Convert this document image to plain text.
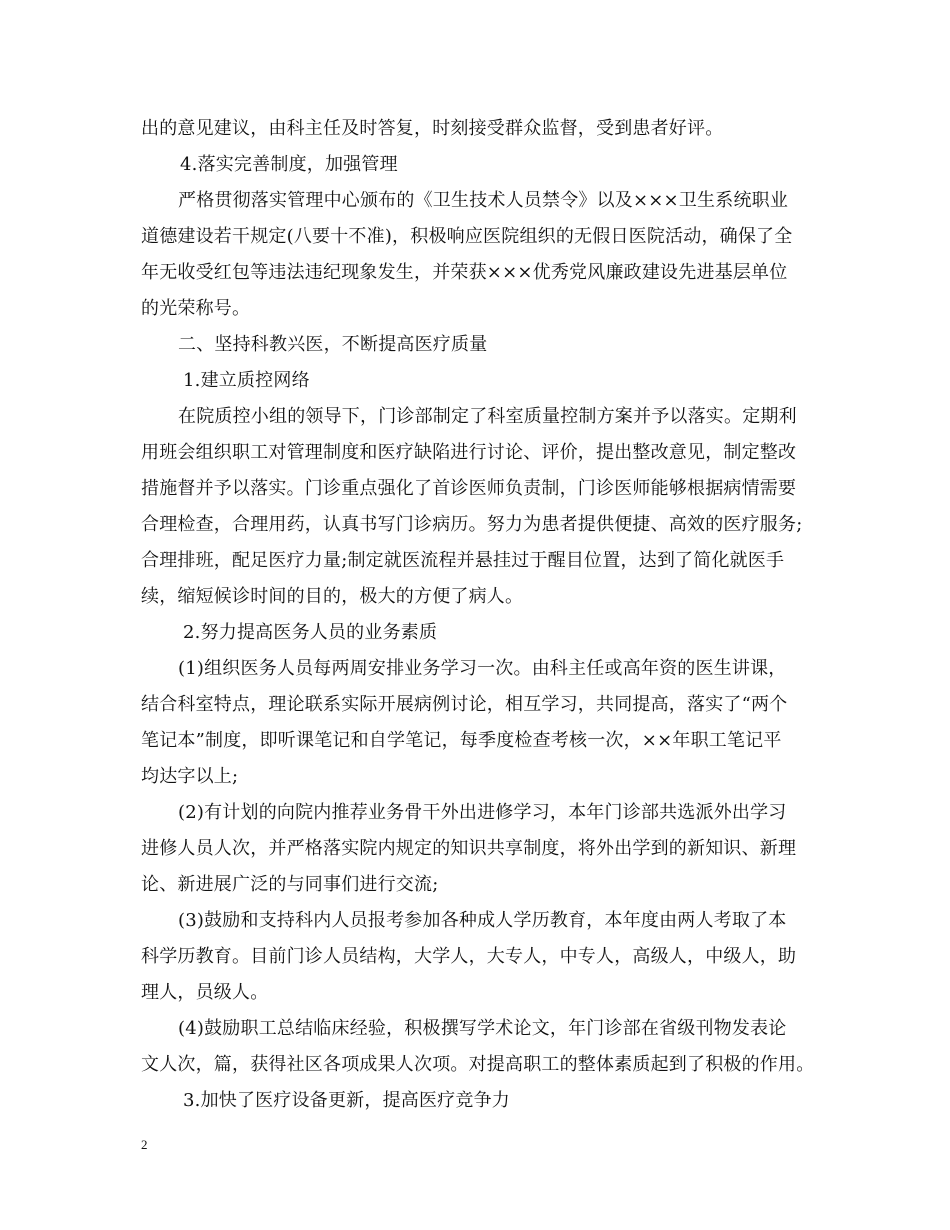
出的意见建议，由科主任及时答复，时刻接受群众监督，受到患者好评。

4.落实完善制度，加强管理

严格贯彻落实管理中心颁布的《卫生技术人员禁令》以及×××卫生系统职业

道德建设若干规定(八要十不准)，积极响应医院组织的无假日医院活动，确保了全

年无收受红包等违法违纪现象发生，并荣获×××优秀党风廉政建设先进基层单位

的光荣称号。

二、坚持科教兴医，不断提高医疗质量

1.建立质控网络

在院质控小组的领导下，门诊部制定了科室质量控制方案并予以落实。定期利

用班会组织职工对管理制度和医疗缺陷进行讨论、评价，提出整改意见，制定整改

措施督并予以落实。门诊重点强化了首诊医师负责制，门诊医师能够根据病情需要

合理检查，合理用药，认真书写门诊病历。努力为患者提供便捷、高效的医疗服务;

合理排班，配足医疗力量;制定就医流程并悬挂过于醒目位置，达到了简化就医手

续，缩短候诊时间的目的，极大的方便了病人。

2.努力提高医务人员的业务素质

(1)组织医务人员每两周安排业务学习一次。由科主任或高年资的医生讲课，

结合科室特点，理论联系实际开展病例讨论，相互学习，共同提高，落实了“两个

笔记本”制度，即听课笔记和自学笔记，每季度检查考核一次，××年职工笔记平

均达字以上;

(2)有计划的向院内推荐业务骨干外出进修学习，本年门诊部共选派外出学习

进修人员人次，并严格落实院内规定的知识共享制度，将外出学到的新知识、新理

论、新进展广泛的与同事们进行交流;

(3)鼓励和支持科内人员报考参加各种成人学历教育，本年度由两人考取了本

科学历教育。目前门诊人员结构，大学人，大专人，中专人，高级人，中级人，助

理人，员级人。

(4)鼓励职工总结临床经验，积极撰写学术论文，年门诊部在省级刊物发表论

文人次，篇，获得社区各项成果人次项。对提高职工的整体素质起到了积极的作用。

3.加快了医疗设备更新，提高医疗竞争力

2
